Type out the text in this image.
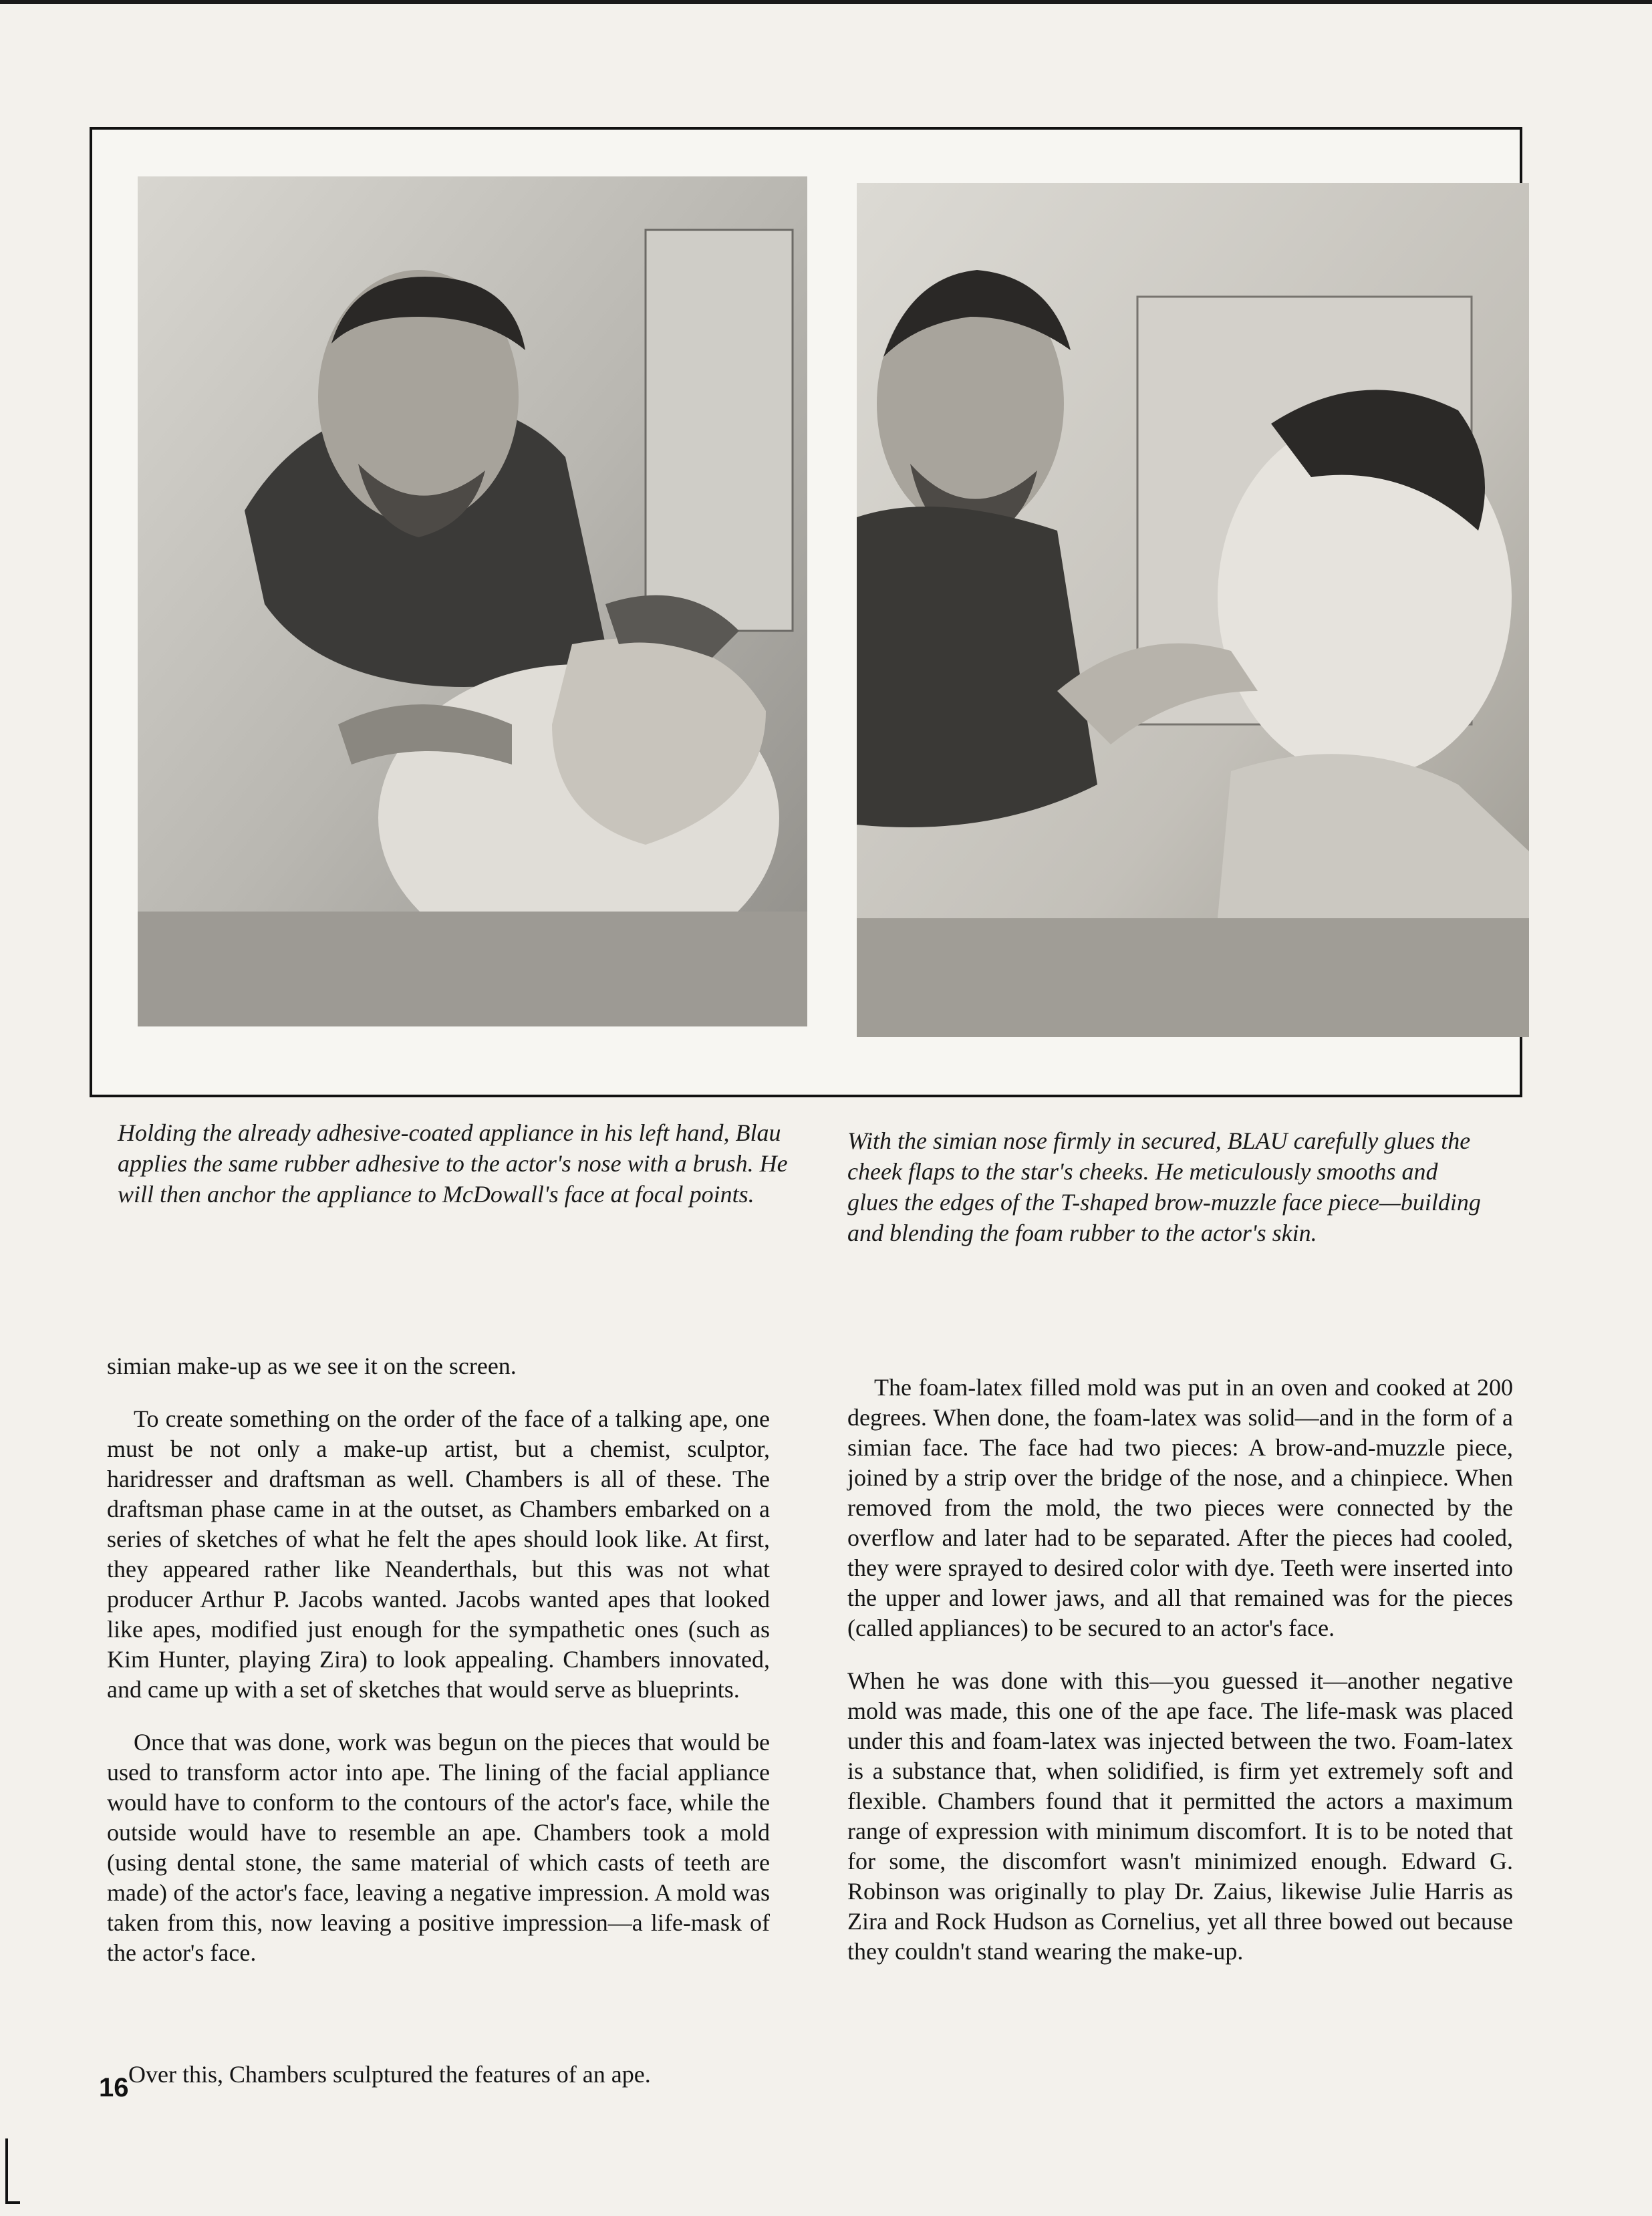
Holding the already adhesive-coated appliance in his left hand, Blau applies the same rubber adhesive to the actor's nose with a brush. He will then anchor the appliance to McDowall's face at focal points.
With the simian nose firmly in secured, BLAU carefully glues the cheek flaps to the star's cheeks. He meticulously smooths and glues the edges of the T-shaped brow-muzzle face piece—building and blending the foam rubber to the actor's skin.

simian make-up as we see it on the screen.

To create something on the order of the face of a talking ape, one must be not only a make-up artist, but a chemist, sculptor, haridresser and draftsman as well. Chambers is all of these. The draftsman phase came in at the outset, as Chambers embarked on a series of sketches of what he felt the apes should look like. At first, they appeared rather like Neanderthals, but this was not what producer Arthur P. Jacobs wanted. Jacobs wanted apes that looked like apes, modified just enough for the sympathetic ones (such as Kim Hunter, playing Zira) to look appealing. Chambers innovated, and came up with a set of sketches that would serve as blueprints.

Once that was done, work was begun on the pieces that would be used to transform actor into ape. The lining of the facial appliance would have to conform to the contours of the actor's face, while the outside would have to resemble an ape. Chambers took a mold (using dental stone, the same material of which casts of teeth are made) of the actor's face, leaving a negative impression. A mold was taken from this, now leaving a positive impression—a life-mask of the actor's face.

Over this, Chambers sculptured the features of an ape.
16

The foam-latex filled mold was put in an oven and cooked at 200 degrees. When done, the foam-latex was solid—and in the form of a simian face. The face had two pieces: A brow-and-muzzle piece, joined by a strip over the bridge of the nose, and a chinpiece. When removed from the mold, the two pieces were connected by the overflow and later had to be separated. After the pieces had cooled, they were sprayed to desired color with dye. Teeth were inserted into the upper and lower jaws, and all that remained was for the pieces (called appliances) to be secured to an actor's face.

When he was done with this—you guessed it—another negative mold was made, this one of the ape face. The life-mask was placed under this and foam-latex was injected between the two. Foam-latex is a substance that, when solidified, is firm yet extremely soft and flexible. Chambers found that it permitted the actors a maximum range of expression with minimum discomfort. It is to be noted that for some, the discomfort wasn't minimized enough. Edward G. Robinson was originally to play Dr. Zaius, likewise Julie Harris as Zira and Rock Hudson as Cornelius, yet all three bowed out because they couldn't stand wearing the make-up.
